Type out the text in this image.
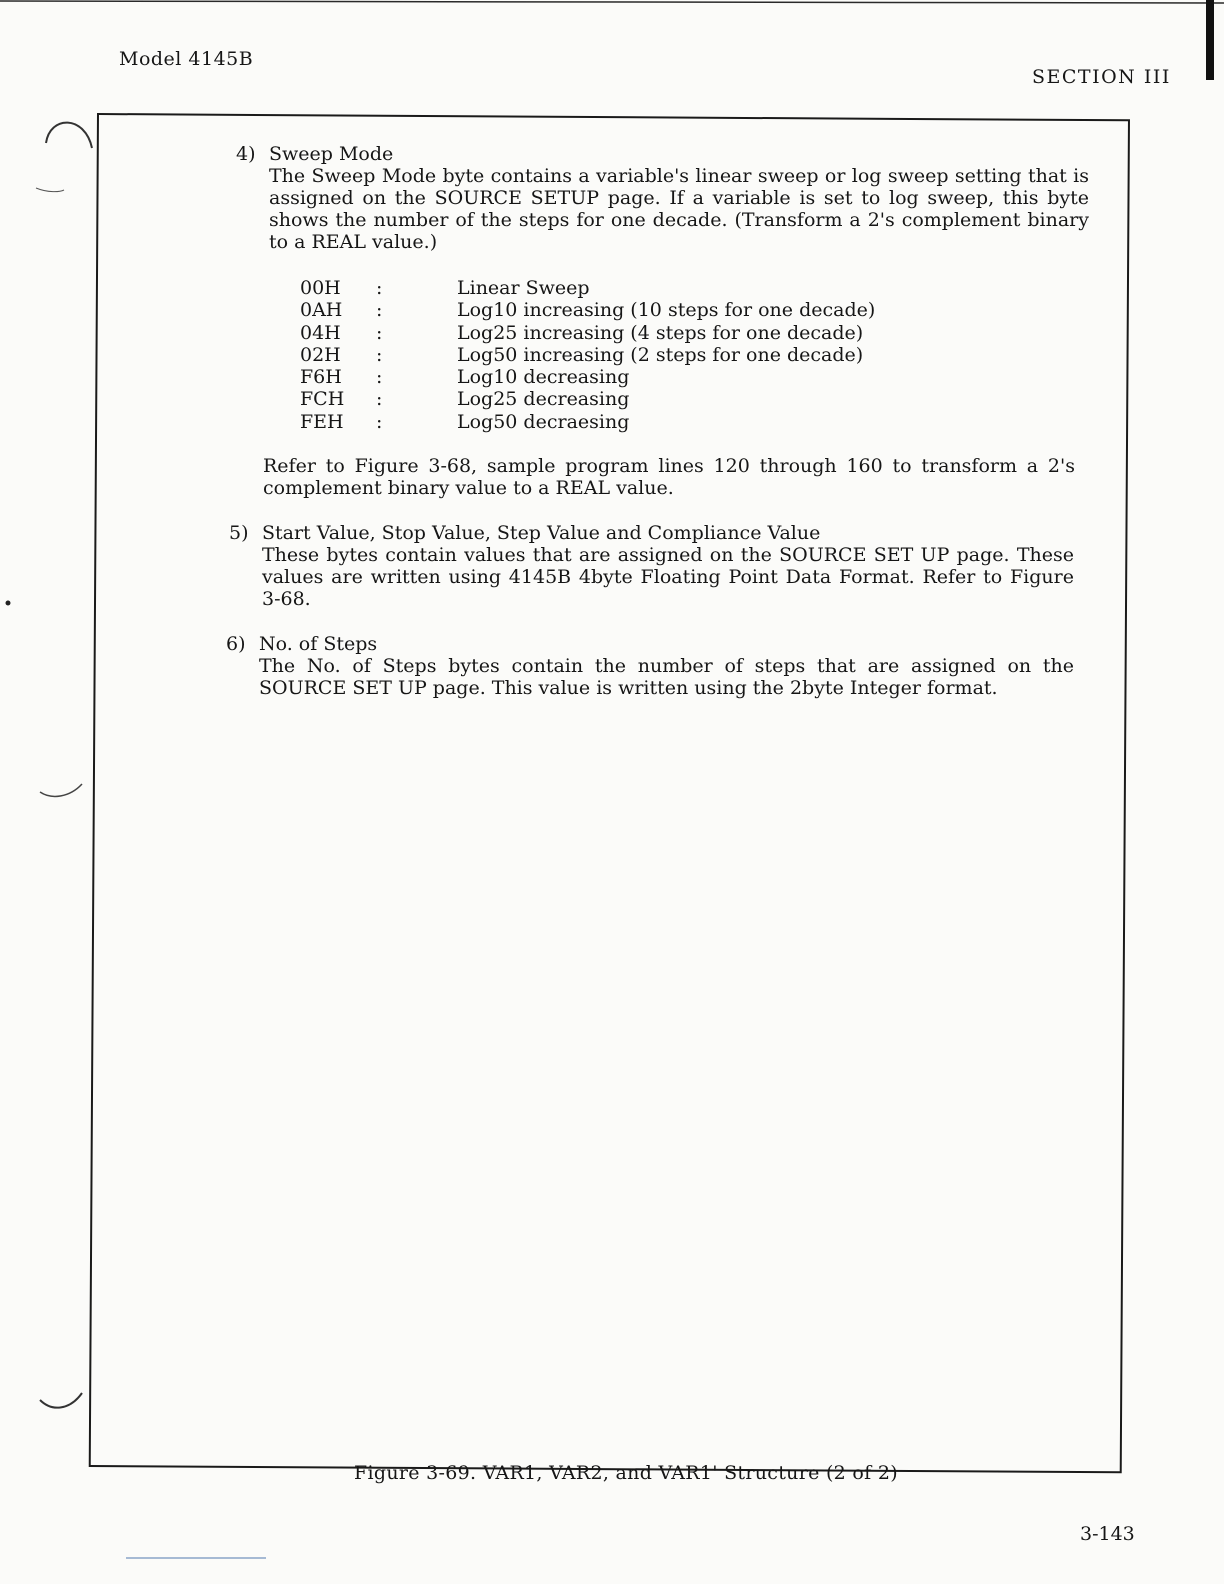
Model 4145B
SECTION III
4) Sweep Mode
The Sweep Mode byte contains a variable's linear sweep or log sweep setting that is assigned on the SOURCE SETUP page. If a variable is set to log sweep, this byte shows the number of the steps for one decade. (Transform a 2's complement binary to a REAL value.)
00H :	Linear Sweep
0AH :	Log10 increasing (10 steps for one decade)
04H :	Log25 increasing (4 steps for one decade)
02H :	Log50 increasing (2 steps for one decade)
F6H :	Log10 decreasing
FCH :	Log25 decreasing
FEH :	Log50 decraesing
Refer to Figure 3-68, sample program lines 120 through 160 to transform a 2's complement binary value to a REAL value.
5) Start Value, Stop Value, Step Value and Compliance Value
These bytes contain values that are assigned on the SOURCE SET UP page. These values are written using 4145B 4byte Floating Point Data Format. Refer to Figure 3-68.
6) No. of Steps
The No. of Steps bytes contain the number of steps that are assigned on the SOURCE SET UP page. This value is written using the 2byte Integer format.
Figure 3-69. VAR1, VAR2, and VAR1' Structure (2 of 2)
3-143
